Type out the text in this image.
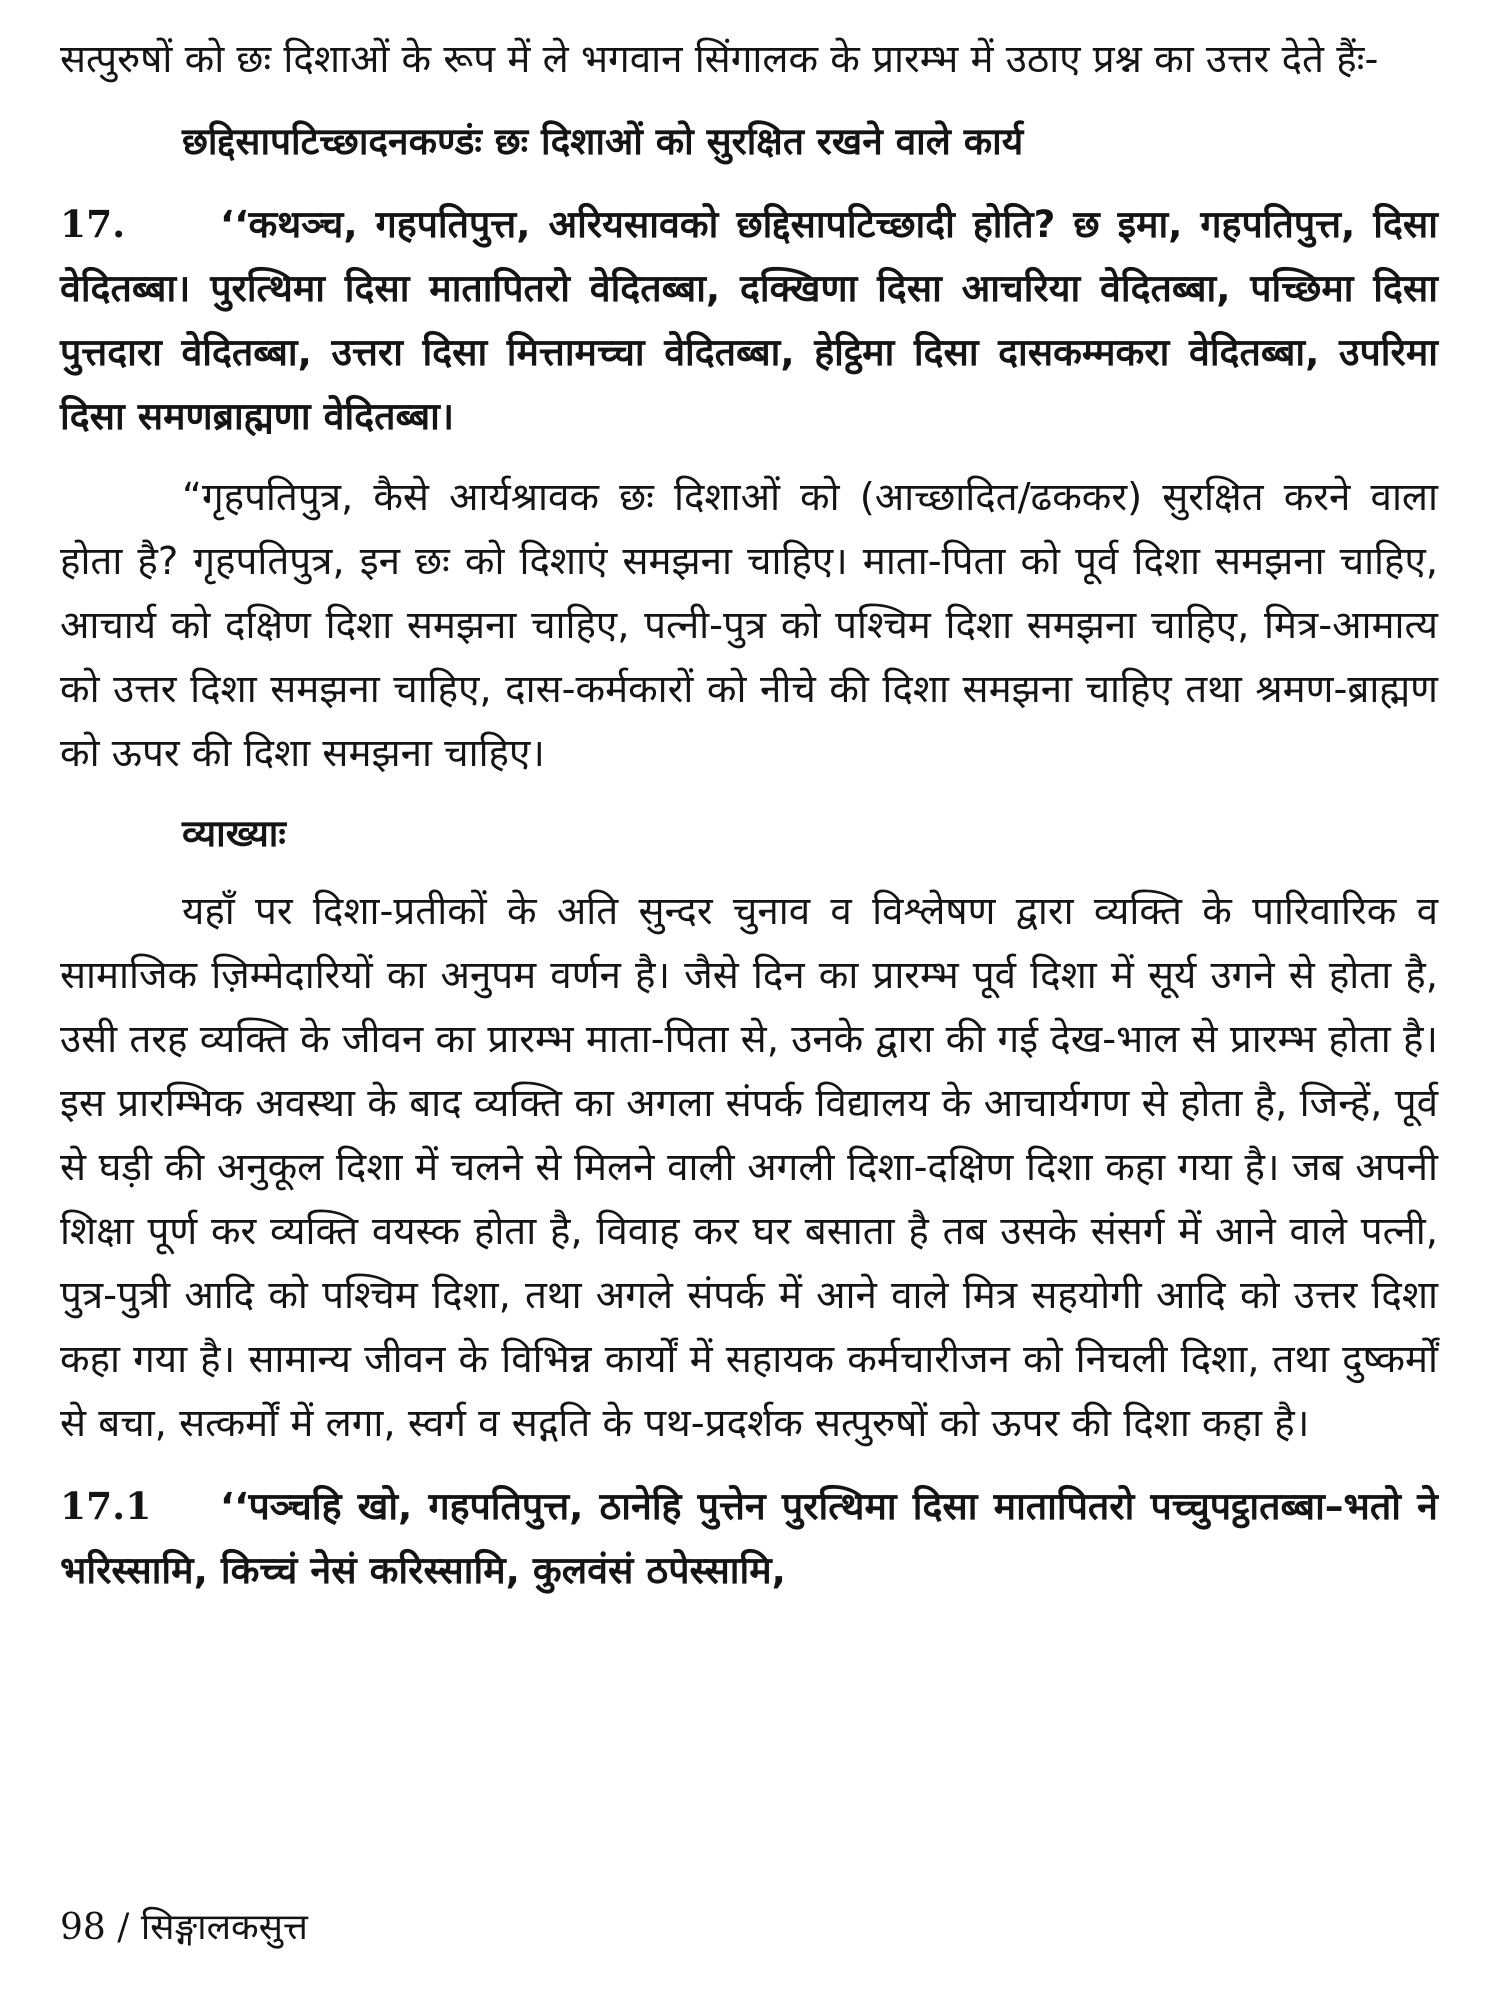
सत्पुरुषों को छः दिशाओं के रूप में ले भगवान सिंगालक के प्रारम्भ में उठाए प्रश्न का उत्तर देते हैंः-

छद्दिसापटिच्छादनकण्डंः छः दिशाओं को सुरक्षित रखने वाले कार्य

17.	‘‘कथञ्च, गहपतिपुत्त, अरियसावको छद्दिसापटिच्छादी होति? छ इमा, गहपतिपुत्त, दिसा वेदितब्बा। पुरत्थिमा दिसा मातापितरो वेदितब्बा, दक्खिणा दिसा आचरिया वेदितब्बा, पच्छिमा दिसा पुत्तदारा वेदितब्बा, उत्तरा दिसा मित्तामच्चा वेदितब्बा, हेट्ठिमा दिसा दासकम्मकरा वेदितब्बा, उपरिमा दिसा समणब्राह्मणा वेदितब्बा।

“गृहपतिपुत्र, कैसे आर्यश्रावक छः दिशाओं को (आच्छादित/ढककर) सुरक्षित करने वाला होता है? गृहपतिपुत्र, इन छः को दिशाएं समझना चाहिए। माता-पिता को पूर्व दिशा समझना चाहिए, आचार्य को दक्षिण दिशा समझना चाहिए, पत्नी-पुत्र को पश्चिम दिशा समझना चाहिए, मित्र-आमात्य को उत्तर दिशा समझना चाहिए, दास-कर्मकारों को नीचे की दिशा समझना चाहिए तथा श्रमण-ब्राह्मण को ऊपर की दिशा समझना चाहिए।

व्याख्याः

यहाँ पर दिशा-प्रतीकों के अति सुन्दर चुनाव व विश्लेषण द्वारा व्यक्ति के पारिवारिक व सामाजिक ज़िम्मेदारियों का अनुपम वर्णन है। जैसे दिन का प्रारम्भ पूर्व दिशा में सूर्य उगने से होता है, उसी तरह व्यक्ति के जीवन का प्रारम्भ माता-पिता से, उनके द्वारा की गई देख-भाल से प्रारम्भ होता है। इस प्रारम्भिक अवस्था के बाद व्यक्ति का अगला संपर्क विद्यालय के आचार्यगण से होता है, जिन्हें, पूर्व से घड़ी की अनुकूल दिशा में चलने से मिलने वाली अगली दिशा-दक्षिण दिशा कहा गया है। जब अपनी शिक्षा पूर्ण कर व्यक्ति वयस्क होता है, विवाह कर घर बसाता है तब उसके संसर्ग में आने वाले पत्नी, पुत्र-पुत्री आदि को पश्चिम दिशा, तथा अगले संपर्क में आने वाले मित्र सहयोगी आदि को उत्तर दिशा कहा गया है। सामान्य जीवन के विभिन्न कार्यों में सहायक कर्मचारीजन को निचली दिशा, तथा दुष्कर्मों से बचा, सत्कर्मों में लगा, स्वर्ग व सद्गति के पथ-प्रदर्शक सत्पुरुषों को ऊपर की दिशा कहा है।

17.1 ‘‘पञ्चहि खो, गहपतिपुत्त, ठानेहि पुत्तेन पुरत्थिमा दिसा मातापितरो पच्चुपट्ठातब्बा–भतो ने भरिस्सामि, किच्चं नेसं करिस्सामि, कुलवंसं ठपेस्सामि,

98 / सिङ्गालकसुत्त
